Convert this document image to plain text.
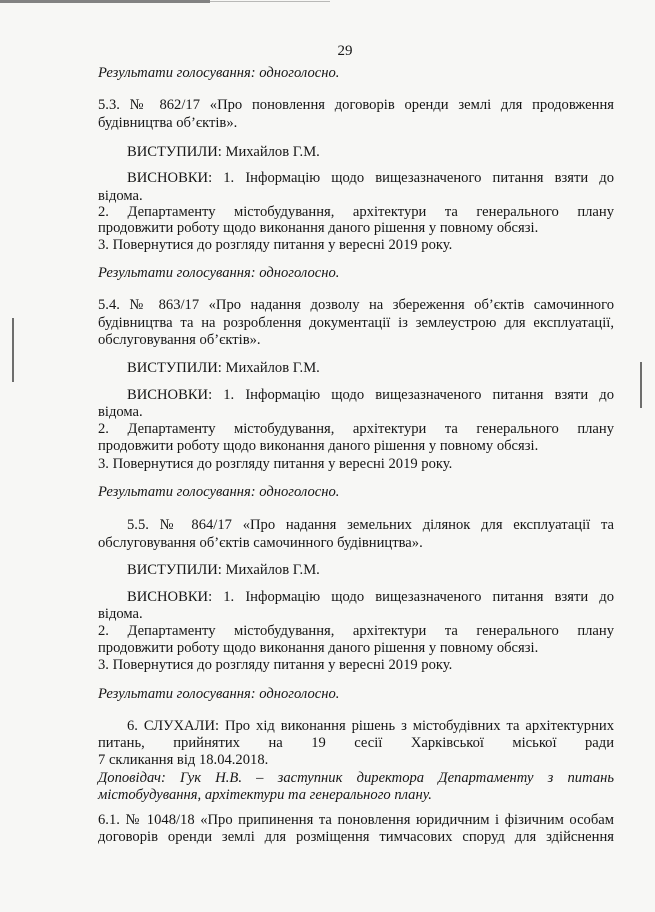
29
Результати голосування: одноголосно.
5.3. № 862/17 «Про поновлення договорів оренди землі для продовження
будівництва об’єктів».
ВИСТУПИЛИ: Михайлов Г.М.
ВИСНОВКИ: 1. Інформацію щодо вищезазначеного питання взяти до
відома.
2. Департаменту містобудування, архітектури та генерального плану
продовжити роботу щодо виконання даного рішення у повному обсязі.
3. Повернутися до розгляду питання у вересні 2019 року.
Результати голосування: одноголосно.
5.4. № 863/17 «Про надання дозволу на збереження об’єктів самочинного
будівництва та на розроблення документації із землеустрою для експлуатації,
обслуговування об’єктів».
ВИСТУПИЛИ: Михайлов Г.М.
ВИСНОВКИ: 1. Інформацію щодо вищезазначеного питання взяти до
відома.
2. Департаменту містобудування, архітектури та генерального плану
продовжити роботу щодо виконання даного рішення у повному обсязі.
3. Повернутися до розгляду питання у вересні 2019 року.
Результати голосування: одноголосно.
5.5. № 864/17 «Про надання земельних ділянок для експлуатації та
обслуговування об’єктів самочинного будівництва».
ВИСТУПИЛИ: Михайлов Г.М.
ВИСНОВКИ: 1. Інформацію щодо вищезазначеного питання взяти до
відома.
2. Департаменту містобудування, архітектури та генерального плану
продовжити роботу щодо виконання даного рішення у повному обсязі.
3. Повернутися до розгляду питання у вересні 2019 року.
Результати голосування: одноголосно.
6. СЛУХАЛИ: Про хід виконання рішень з містобудівних та архітектурних
питань, прийнятих на 19 сесії Харківської міської ради
7 скликання від 18.04.2018.
Доповідач: Гук Н.В. – заступник директора Департаменту з питань
містобудування, архітектури та генерального плану.
6.1. № 1048/18 «Про припинення та поновлення юридичним і фізичним особам
договорів оренди землі для розміщення тимчасових споруд для здійснення
